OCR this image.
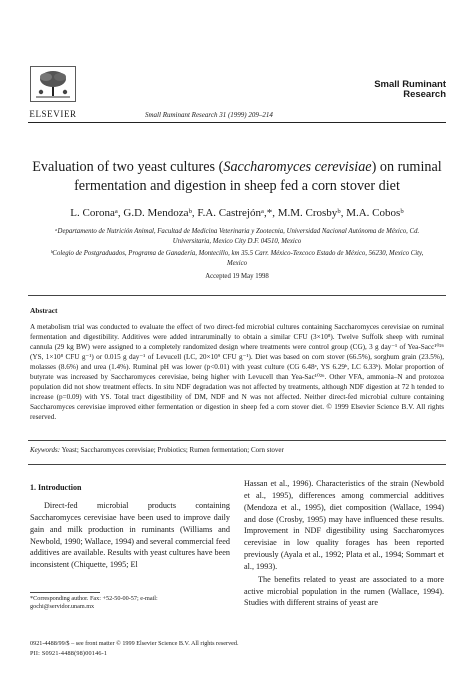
ELSEVIER	Small Ruminant Research 31 (1999) 209–214
Small Ruminant
Research
Evaluation of two yeast cultures (Saccharomyces cerevisiae) on ruminal fermentation and digestion in sheep fed a corn stover diet
L. Coronaᵃ, G.D. Mendozaᵇ, F.A. Castrejónᵃ,*, M.M. Crosbyᵇ, M.A. Cobosᵇ
ᵃDepartamento de Nutrición Animal, Facultad de Medicina Veterinaria y Zootecnia, Universidad Nacional Autónoma de México, Cd.
Universitaria, Mexico City D.F. 04510, Mexico
ᵇColegio de Postgraduados, Programa de Ganadería, Montecillo, km 35.5 Carr. México-Texcoco Estado de México, 56230, Mexico City,
Mexico
Accepted 19 May 1998
Abstract
A metabolism trial was conducted to evaluate the effect of two direct-fed microbial cultures containing Saccharomyces cerevisiae on ruminal fermentation and digestibility. Additives were added intraruminally to obtain a similar CFU (3×10⁸). Twelve Suffolk sheep with ruminal cannula (29 kg BW) were assigned to a completely randomized design where treatments were control group (CG), 3 g day⁻¹ of Yea-Sacc¹⁰²⁶ (YS, 1×10⁸ CFU g⁻¹) or 0.015 g day⁻¹ of Levucell (LC, 20×10⁹ CFU g⁻¹). Diet was based on corn stover (66.5%), sorghum grain (23.5%), molasses (8.6%) and urea (1.4%). Ruminal pH was lower (p<0.01) with yeast culture (CG 6.48ᵃ, YS 6.29ᵇ, LC 6.33ᵇ). Molar proportion of butyrate was increased by Saccharomyces cerevisiae, being higher with Levucell than Yea-Sac¹⁰²⁶. Other VFA, ammonia–N and protozoa population did not show treatment effects. In situ NDF degradation was not affected by treatments, although NDF digestion at 72 h tended to increase (p=0.09) with YS. Total tract digestibility of DM, NDF and N was not affected. Neither direct-fed microbial culture containing Saccharomyces cerevisiae improved either fermentation or digestion in sheep fed a corn stover diet. © 1999 Elsevier Science B.V. All rights reserved.
Keywords: Yeast; Saccharomyces cerevisiae; Probiotics; Rumen fermentation; Corn stover
1. Introduction
Direct-fed microbial products containing Saccharomyces cerevisiae have been used to improve daily gain and milk production in ruminants (Williams and Newbold, 1990; Wallace, 1994) and several commercial feed additives are available. Results with yeast cultures have been inconsistent (Chiquette, 1995; El
Hassan et al., 1996). Characteristics of the strain (Newbold et al., 1995), differences among commercial additives (Mendoza et al., 1995), diet composition (Wallace, 1994) and dose (Crosby, 1995) may have influenced these results. Improvement in NDF digestibility using Saccharomyces cerevisiae in low quality forages has been reported previously (Ayala et al., 1992; Plata et al., 1994; Sommart et al., 1993).
The benefits related to yeast are associated to a more active microbial population in the rumen (Wallace, 1994). Studies with different strains of yeast are
*Corresponding author. Fax: +52-50-00-57; e-mail:
gochi@servidor.unam.mx
0921-4488/99/$ – see front matter © 1999 Elsevier Science B.V. All rights reserved.
PII: S0921-4488(98)00146-1
